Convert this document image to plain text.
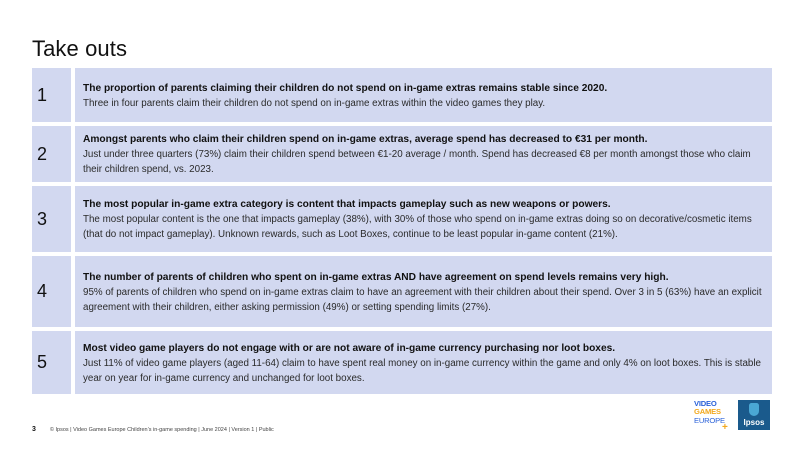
Take outs
1	The proportion of parents claiming their children do not spend on in-game extras remains stable since 2020.
Three in four parents claim their children do not spend on in-game extras within the video games they play.
2
Amongst parents who claim their children spend on in-game extras, average spend has decreased to €31 per month.
Just under three quarters (73%) claim their children spend between €1-20 average / month. Spend has decreased €8 per month amongst those who claim their children spend, vs. 2023.
3
The most popular in-game extra category is content that impacts gameplay such as new weapons or powers.
The most popular content is the one that impacts gameplay (38%), with 30% of those who spend on in-game extras doing so on decorative/cosmetic items (that do not impact gameplay). Unknown rewards, such as Loot Boxes, continue to be least popular in-game content (21%).
4
The number of parents of children who spent on in-game extras AND have agreement on spend levels remains very high.
95% of parents of children who spend on in-game extras claim to have an agreement with their children about their spend. Over 3 in 5 (63%) have an explicit agreement with their children, either asking permission (49%) or setting spending limits (27%).
5
Most video game players do not engage with or are not aware of in-game currency purchasing nor loot boxes.
Just 11% of video game players (aged 11-64) claim to have spent real money on in-game currency within the game and only 4% on loot boxes. This is stable year on year for in-game currency and unchanged for loot boxes.
3	© Ipsos | Video Games Europe Children’s in-game spending | June 2024 | Version 1 | Public
VIDEO
GAMES
EUROPE
+ Ipsos
